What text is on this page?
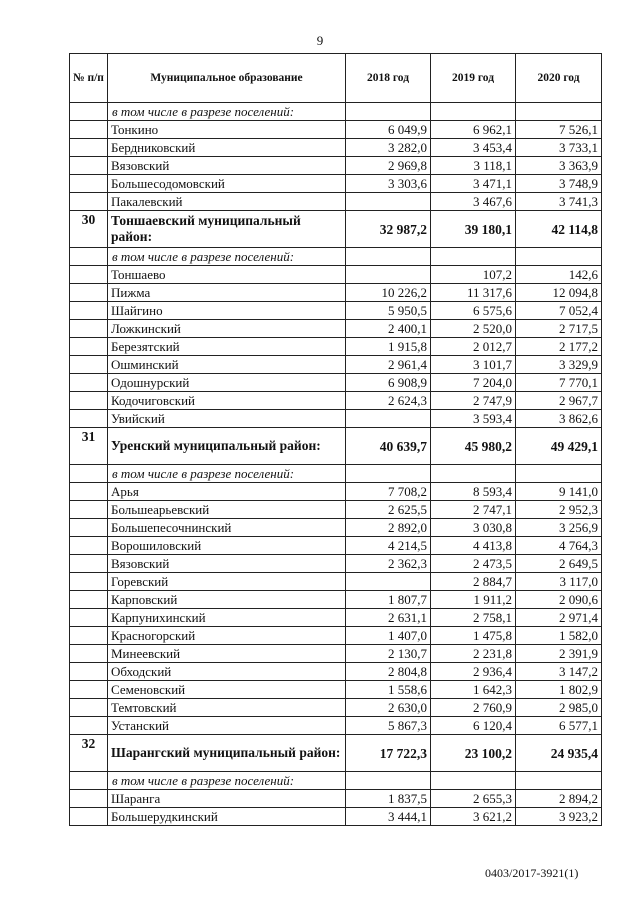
9
№ п/п	Муниципальное образование	2018 год	2019 год	2020 год
	в том числе в разрезе поселений:			
	Тонкино	6 049,9	6 962,1	7 526,1
	Бердниковский	3 282,0	3 453,4	3 733,1
	Вязовский	2 969,8	3 118,1	3 363,9
	Большесодомовский	3 303,6	3 471,1	3 748,9
	Пакалевский		3 467,6	3 741,3
30	Тоншаевский муниципальный район:	32 987,2	39 180,1	42 114,8
	в том числе в разрезе поселений:			
	Тоншаево		107,2	142,6
	Пижма	10 226,2	11 317,6	12 094,8
	Шайгино	5 950,5	6 575,6	7 052,4
	Ложкинский	2 400,1	2 520,0	2 717,5
	Березятский	1 915,8	2 012,7	2 177,2
	Ошминский	2 961,4	3 101,7	3 329,9
	Одошнурский	6 908,9	7 204,0	7 770,1
	Кодочиговский	2 624,3	2 747,9	2 967,7
	Увийский		3 593,4	3 862,6
31	Уренский муниципальный район:	40 639,7	45 980,2	49 429,1
	в том числе в разрезе поселений:			
	Арья	7 708,2	8 593,4	9 141,0
	Большеарьевский	2 625,5	2 747,1	2 952,3
	Большепесочнинский	2 892,0	3 030,8	3 256,9
	Ворошиловский	4 214,5	4 413,8	4 764,3
	Вязовский	2 362,3	2 473,5	2 649,5
	Горевский		2 884,7	3 117,0
	Карповский	1 807,7	1 911,2	2 090,6
	Карпунихинский	2 631,1	2 758,1	2 971,4
	Красногорский	1 407,0	1 475,8	1 582,0
	Минеевский	2 130,7	2 231,8	2 391,9
	Обходский	2 804,8	2 936,4	3 147,2
	Семеновский	1 558,6	1 642,3	1 802,9
	Темтовский	2 630,0	2 760,9	2 985,0
	Устанский	5 867,3	6 120,4	6 577,1
32	Шарангский муниципальный район:	17 722,3	23 100,2	24 935,4
	в том числе в разрезе поселений:			
	Шаранга	1 837,5	2 655,3	2 894,2
	Большерудкинский	3 444,1	3 621,2	3 923,2
0403/2017-3921(1)
